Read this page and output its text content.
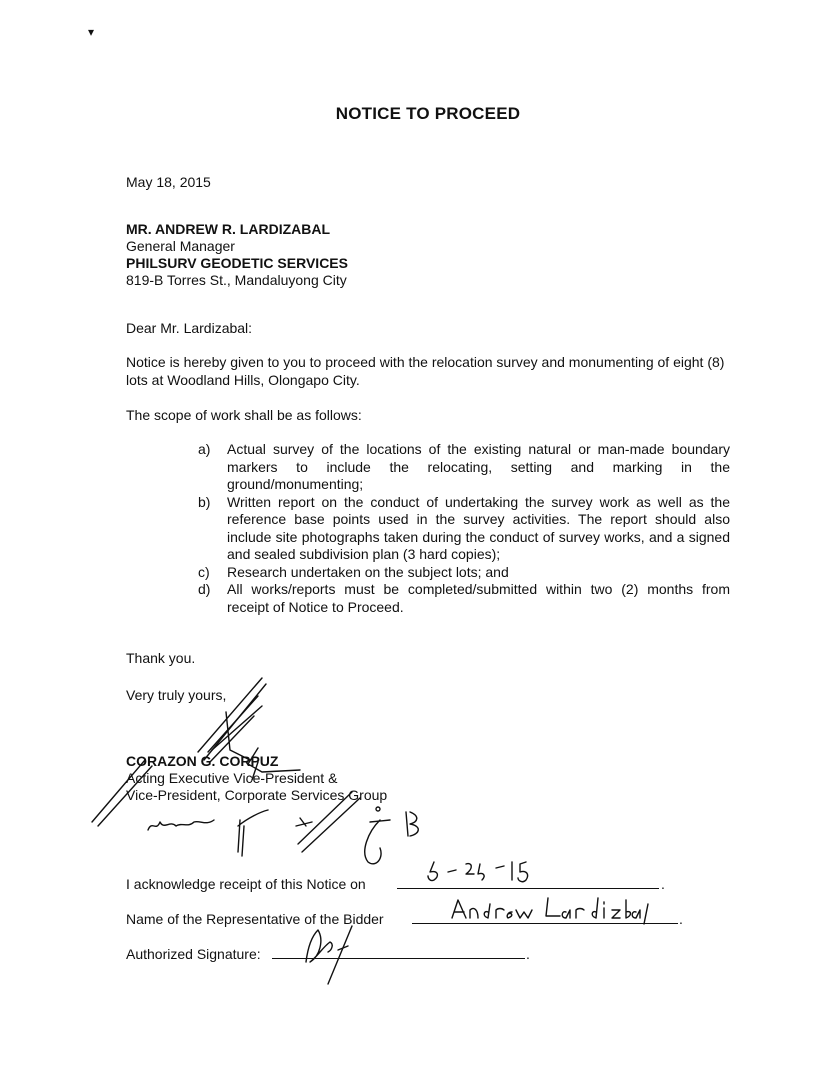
NOTICE TO PROCEED
May 18, 2015
MR. ANDREW R. LARDIZABAL
General Manager
PHILSURV GEODETIC SERVICES
819-B Torres St., Mandaluyong City
Dear Mr. Lardizabal:
Notice is hereby given to you to proceed with the relocation survey and monumenting of eight (8) lots at Woodland Hills, Olongapo City.
The scope of work shall be as follows:
a)	Actual survey of the locations of the existing natural or man-made boundary markers to include the relocating, setting and marking in the ground/monumenting;
b)	Written report on the conduct of undertaking the survey work as well as the reference base points used in the survey activities. The report should also include site photographs taken during the conduct of survey works, and a signed and sealed subdivision plan (3 hard copies);
c)	Research undertaken on the subject lots; and
d)	All works/reports must be completed/submitted within two (2) months from receipt of Notice to Proceed.
Thank you.
Very truly yours,
CORAZON G. CORPUZ
Acting Executive Vice-President &
Vice-President, Corporate Services Group
I acknowledge receipt of this Notice on	.
Name of the Representative of the Bidder	.
Authorized Signature:	.
▾
